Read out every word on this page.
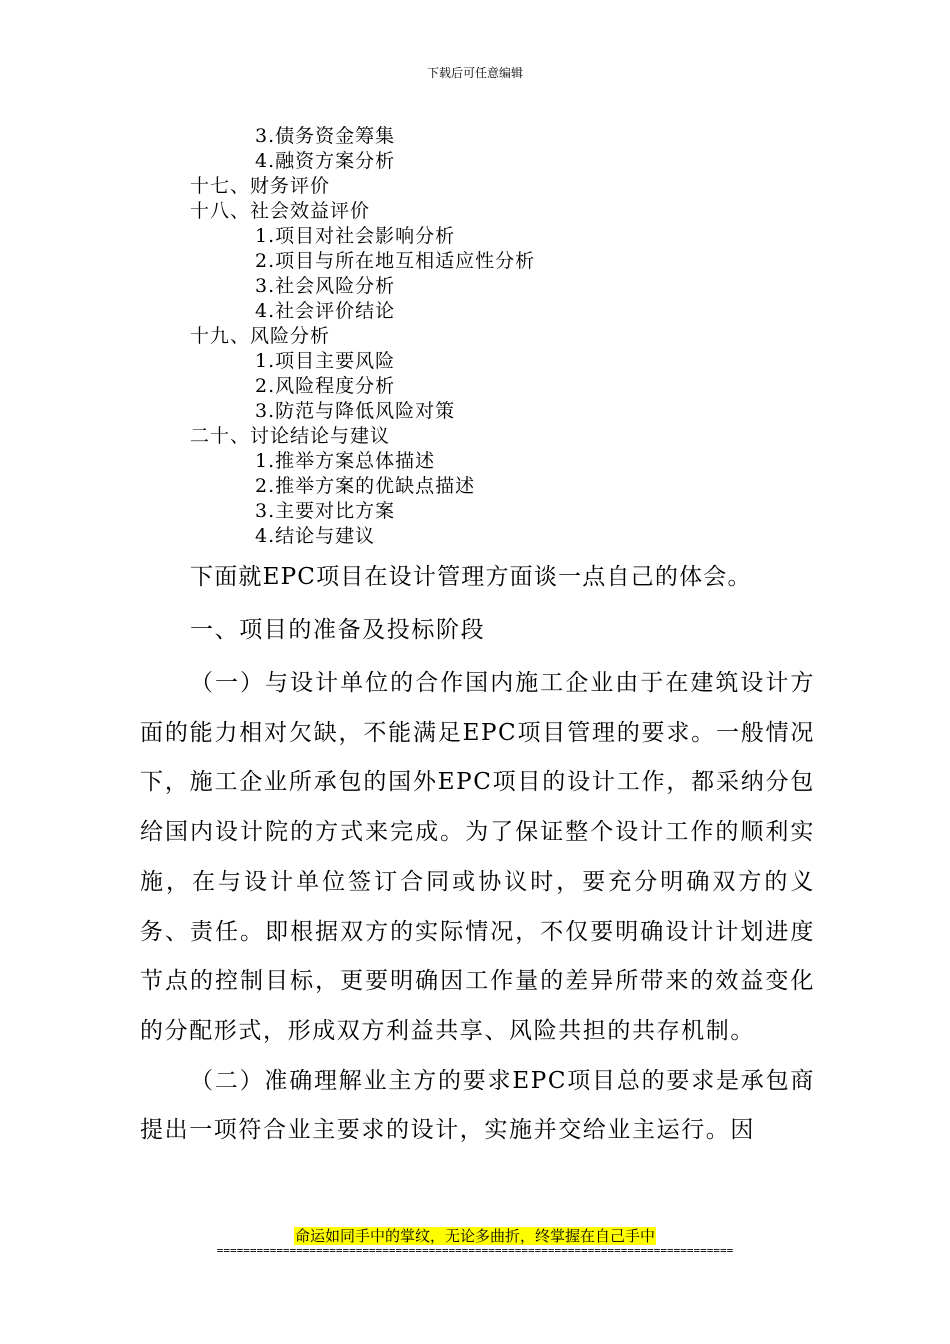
下载后可任意编辑
3.债务资金筹集
4.融资方案分析
十七、财务评价
十八、社会效益评价
1.项目对社会影响分析
2.项目与所在地互相适应性分析
3.社会风险分析
4.社会评价结论
十九、风险分析
1.项目主要风险
2.风险程度分析
3.防范与降低风险对策
二十、讨论结论与建议
1.推举方案总体描述
2.推举方案的优缺点描述
3.主要对比方案
4.结论与建议

下面就EPC项目在设计管理方面谈一点自己的体会。

一、项目的准备及投标阶段

（一）与设计单位的合作国内施工企业由于在建筑设计方面的能力相对欠缺，不能满足EPC项目管理的要求。一般情况下，施工企业所承包的国外EPC项目的设计工作，都采纳分包给国内设计院的方式来完成。为了保证整个设计工作的顺利实施，在与设计单位签订合同或协议时，要充分明确双方的义务、责任。即根据双方的实际情况，不仅要明确设计计划进度节点的控制目标，更要明确因工作量的差异所带来的效益变化的分配形式，形成双方利益共享、风险共担的共存机制。

（二）准确理解业主方的要求EPC项目总的要求是承包商提出一项符合业主要求的设计，实施并交给业主运行。因

命运如同手中的掌纹，无论多曲折，终掌握在自己手中
==============================================================================
